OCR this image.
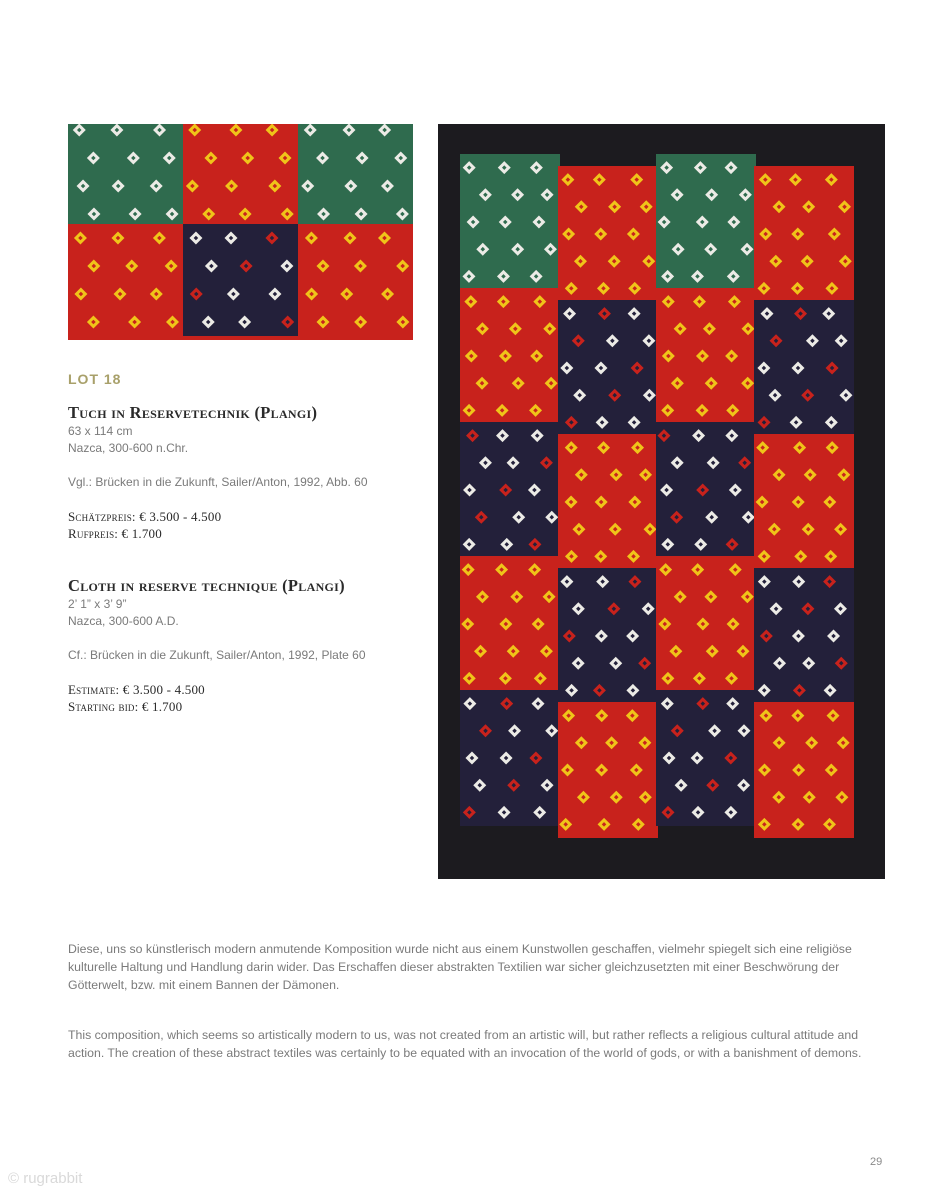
LOT 18
Tuch in Reservetechnik (Plangi)
63 x 114 cm
Nazca, 300-600 n.Chr.
Vgl.: Brücken in die Zukunft, Sailer/Anton, 1992, Abb. 60
Schätzpreis: € 3.500 - 4.500
Rufpreis: € 1.700
Cloth in reserve technique (Plangi)
2’ 1” x 3’ 9”
Nazca, 300-600 A.D.
Cf.: Brücken in die Zukunft, Sailer/Anton, 1992, Plate 60
Estimate: € 3.500 - 4.500
Starting bid: € 1.700

Diese, uns so künstlerisch modern anmutende Komposition wurde nicht aus einem Kunstwollen geschaffen, vielmehr spiegelt sich eine religiöse kulturelle Haltung und Handlung darin wider. Das Erschaffen dieser abstrakten Textilien war sicher gleichzusetzten mit einer Beschwörung der Götterwelt, bzw. mit einem Bannen der Dämonen.

This composition, which seems so artistically modern to us, was not created from an artistic will, but rather reflects a religious cultural attitude and action. The creation of these abstract textiles was certainly to be equated with an invocation of the world of gods, or with a banishment of demons.

29
© rugrabbit
